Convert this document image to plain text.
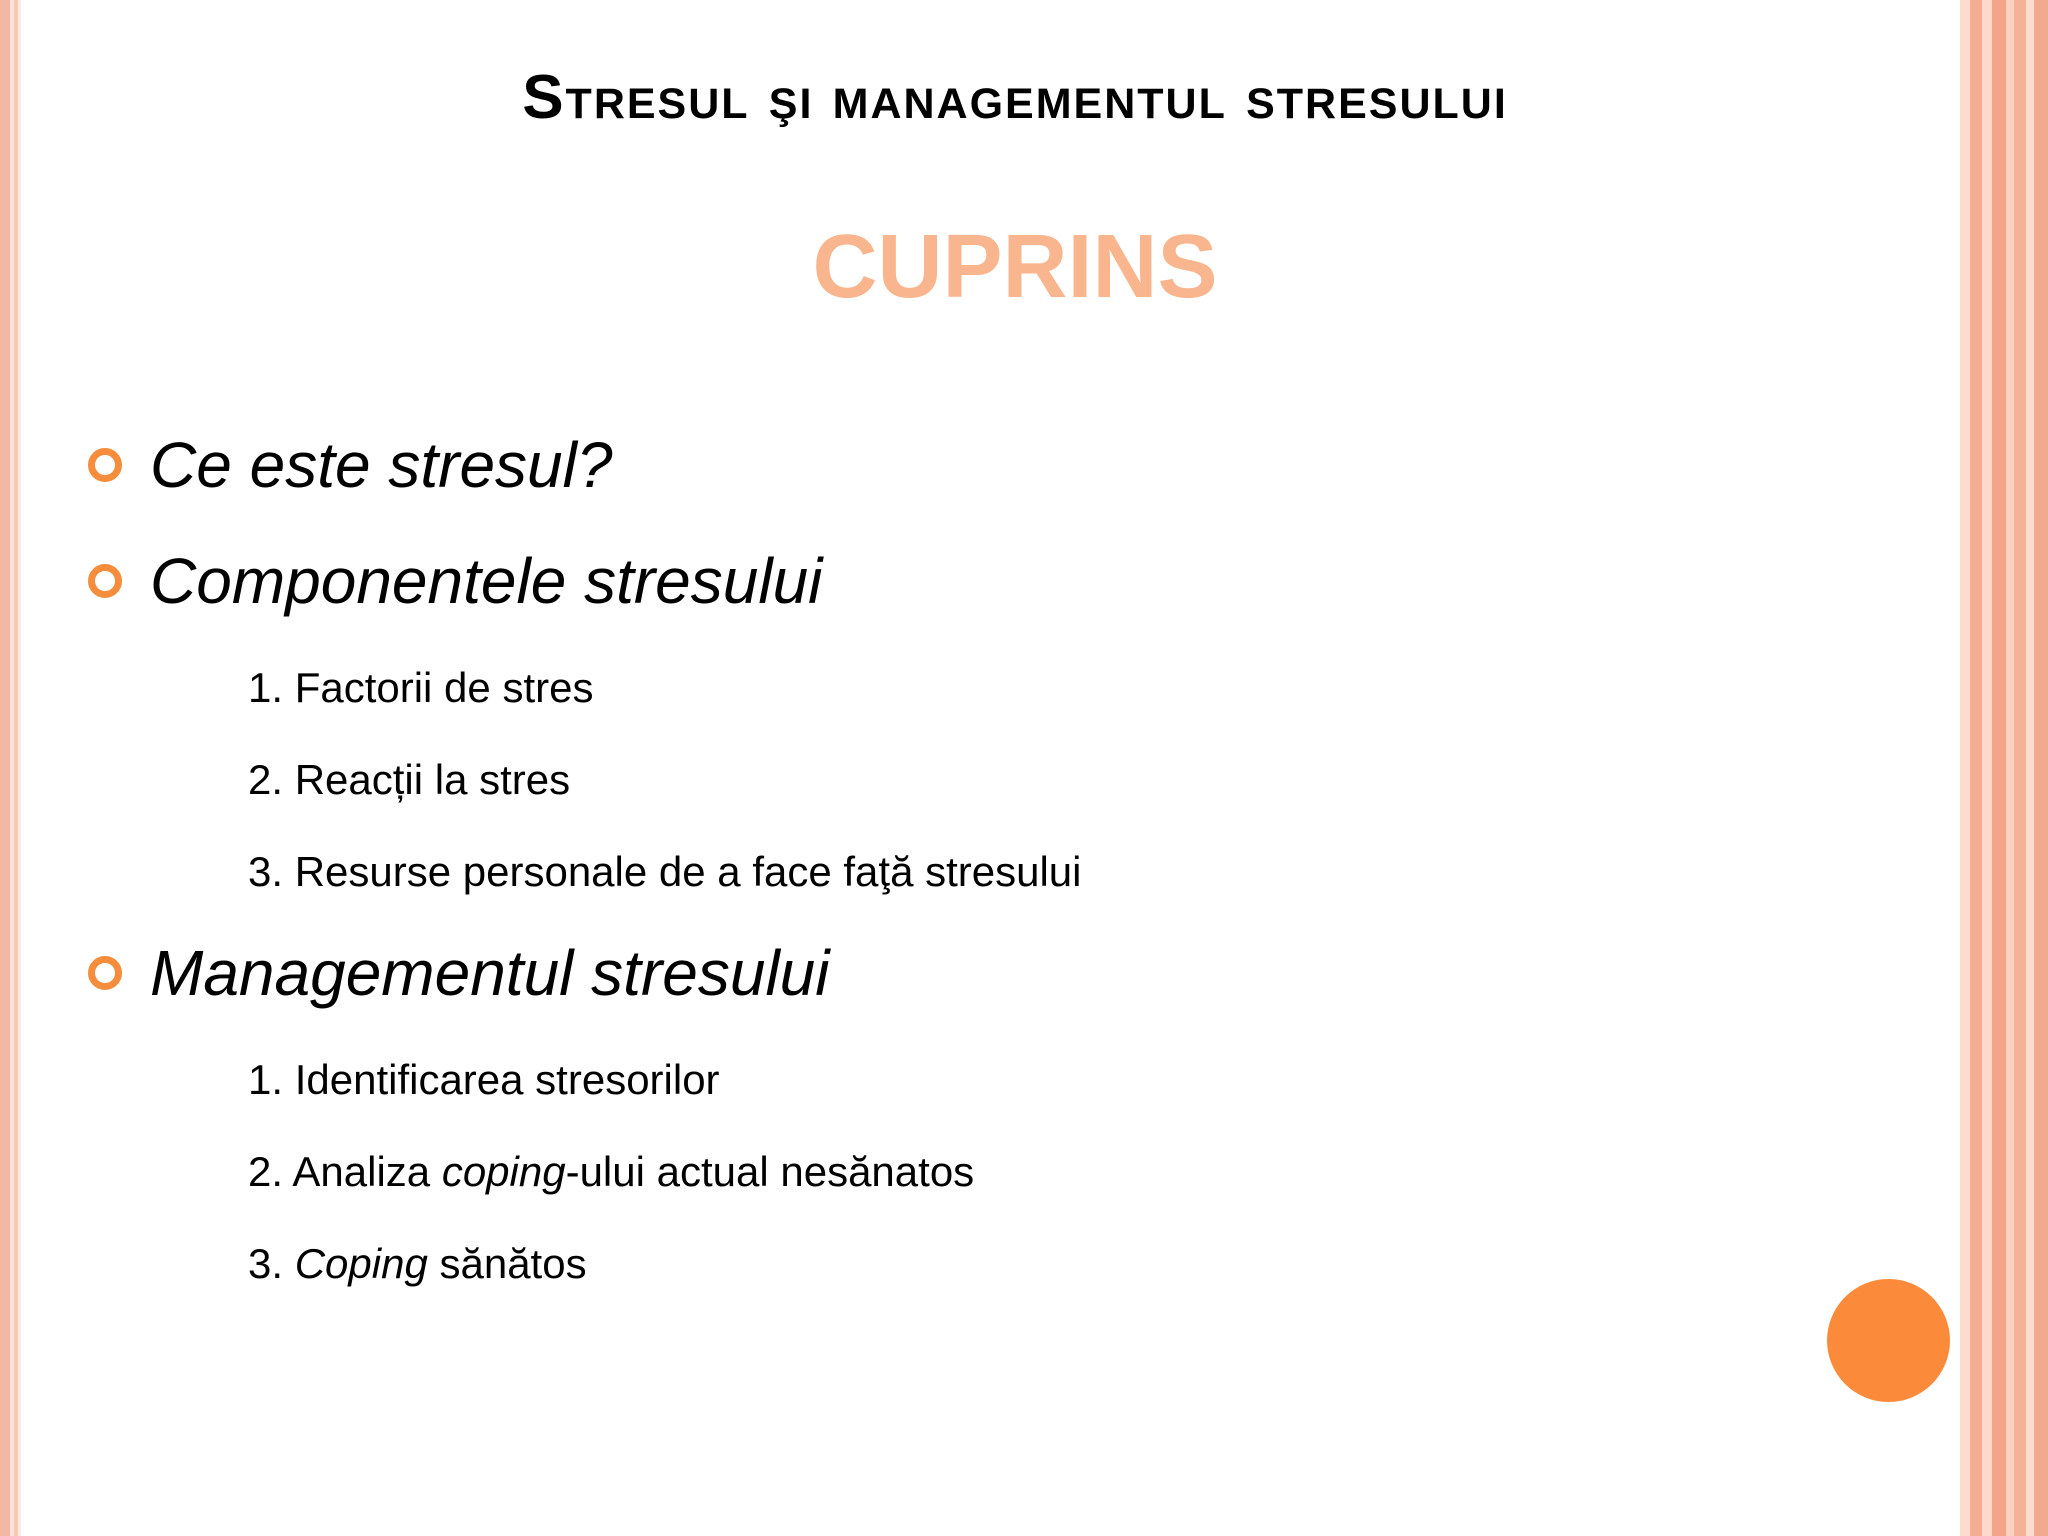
Stresul şi managementul stresului
CUPRINS
Ce este stresul?
Componentele stresului
1. Factorii de stres
2. Reacții la stres
3. Resurse personale de a face faţă stresului
Managementul stresului
1. Identificarea stresorilor
2. Analiza coping-ului actual nesănatos
3. Coping sănătos
